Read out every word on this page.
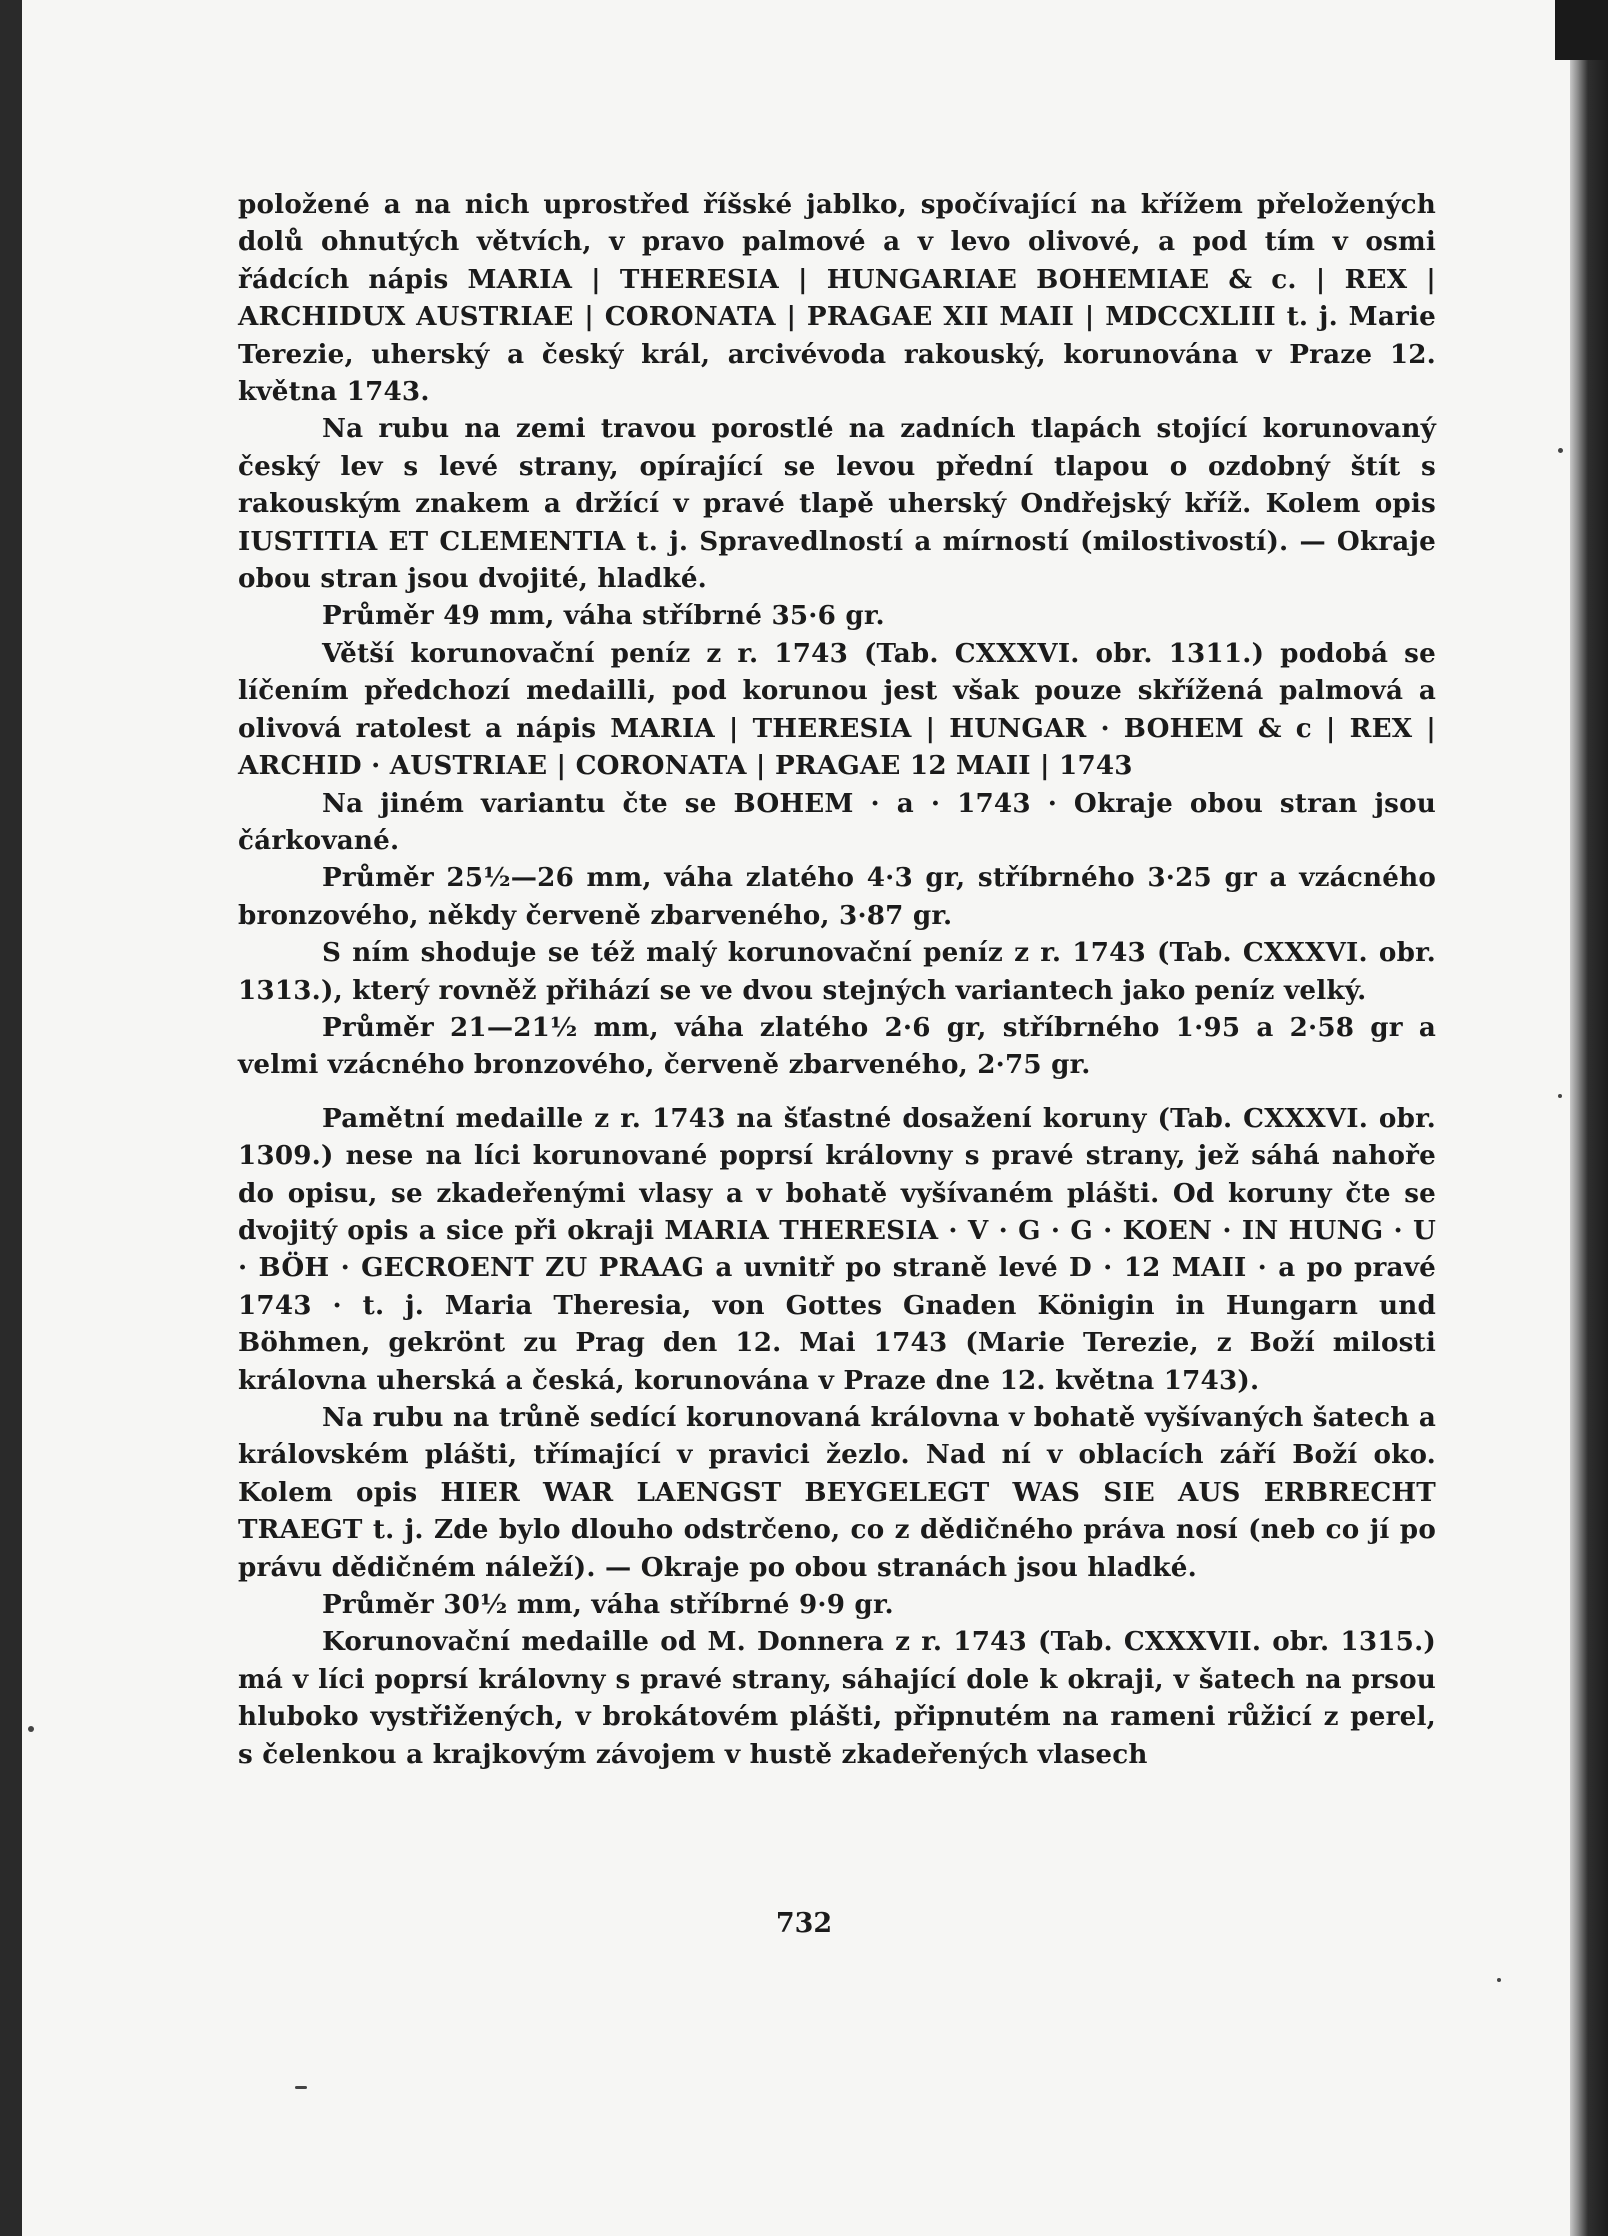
položené a na nich uprostřed říšské jablko, spočívající na křížem přeložených dolů ohnutých větvích, v pravo palmové a v levo olivové, a pod tím v osmi řádcích nápis MARIA | THERESIA | HUNGARIAE BOHEMIAE & c. | REX | ARCHIDUX AUSTRIAE | CORONATA | PRAGAE XII MAII | MDCCXLIII t. j. Marie Terezie, uherský a český král, arcivévoda rakouský, korunována v Praze 12. května 1743.

Na rubu na zemi travou porostlé na zadních tlapách stojící korunovaný český lev s levé strany, opírající se levou přední tlapou o ozdobný štít s rakouským znakem a držící v pravé tlapě uherský Ondřejský kříž. Kolem opis IUSTITIA ET CLEMENTIA t. j. Spravedlností a mírností (milostivostí). — Okraje obou stran jsou dvojité, hladké.

Průměr 49 mm, váha stříbrné 35·6 gr.

Větší korunovační peníz z r. 1743 (Tab. CXXXVI. obr. 1311.) podobá se líčením předchozí medailli, pod korunou jest však pouze skřížená palmová a olivová ratolest a nápis MARIA | THERESIA | HUNGAR · BOHEM & c | REX | ARCHID · AUSTRIAE | CORONATA | PRAGAE 12 MAII | 1743

Na jiném variantu čte se BOHEM · a · 1743 · Okraje obou stran jsou čárkované.

Průměr 25½—26 mm, váha zlatého 4·3 gr, stříbrného 3·25 gr a vzácného bronzového, někdy červeně zbarveného, 3·87 gr.

S ním shoduje se též malý korunovační peníz z r. 1743 (Tab. CXXXVI. obr. 1313.), který rovněž přihází se ve dvou stejných variantech jako peníz velký.

Průměr 21—21½ mm, váha zlatého 2·6 gr, stříbrného 1·95 a 2·58 gr a velmi vzácného bronzového, červeně zbarveného, 2·75 gr.

Pamětní medaille z r. 1743 na šťastné dosažení koruny (Tab. CXXXVI. obr. 1309.) nese na líci korunované poprsí královny s pravé strany, jež sáhá nahoře do opisu, se zkadeřenými vlasy a v bohatě vyšívaném plášti. Od koruny čte se dvojitý opis a sice při okraji MARIA THERESIA · V · G · G · KOEN · IN HUNG · U · BÖH · GECROENT ZU PRAAG a uvnitř po straně levé D · 12 MAII · a po pravé 1743 · t. j. Maria Theresia, von Gottes Gnaden Königin in Hungarn und Böhmen, gekrönt zu Prag den 12. Mai 1743 (Marie Terezie, z Boží milosti královna uherská a česká, korunována v Praze dne 12. května 1743).

Na rubu na trůně sedící korunovaná královna v bohatě vyšívaných šatech a královském plášti, třímající v pravici žezlo. Nad ní v oblacích září Boží oko. Kolem opis HIER WAR LAENGST BEYGELEGT WAS SIE AUS ERBRECHT TRAEGT t. j. Zde bylo dlouho odstrčeno, co z dědičného práva nosí (neb co jí po právu dědičném náleží). — Okraje po obou stranách jsou hladké.

Průměr 30½ mm, váha stříbrné 9·9 gr.

Korunovační medaille od M. Donnera z r. 1743 (Tab. CXXXVII. obr. 1315.) má v líci poprsí královny s pravé strany, sáhající dole k okraji, v šatech na prsou hluboko vystřižených, v brokátovém plášti, připnutém na rameni růžicí z perel, s čelenkou a krajkovým závojem v hustě zkadeřených vlasech

732
